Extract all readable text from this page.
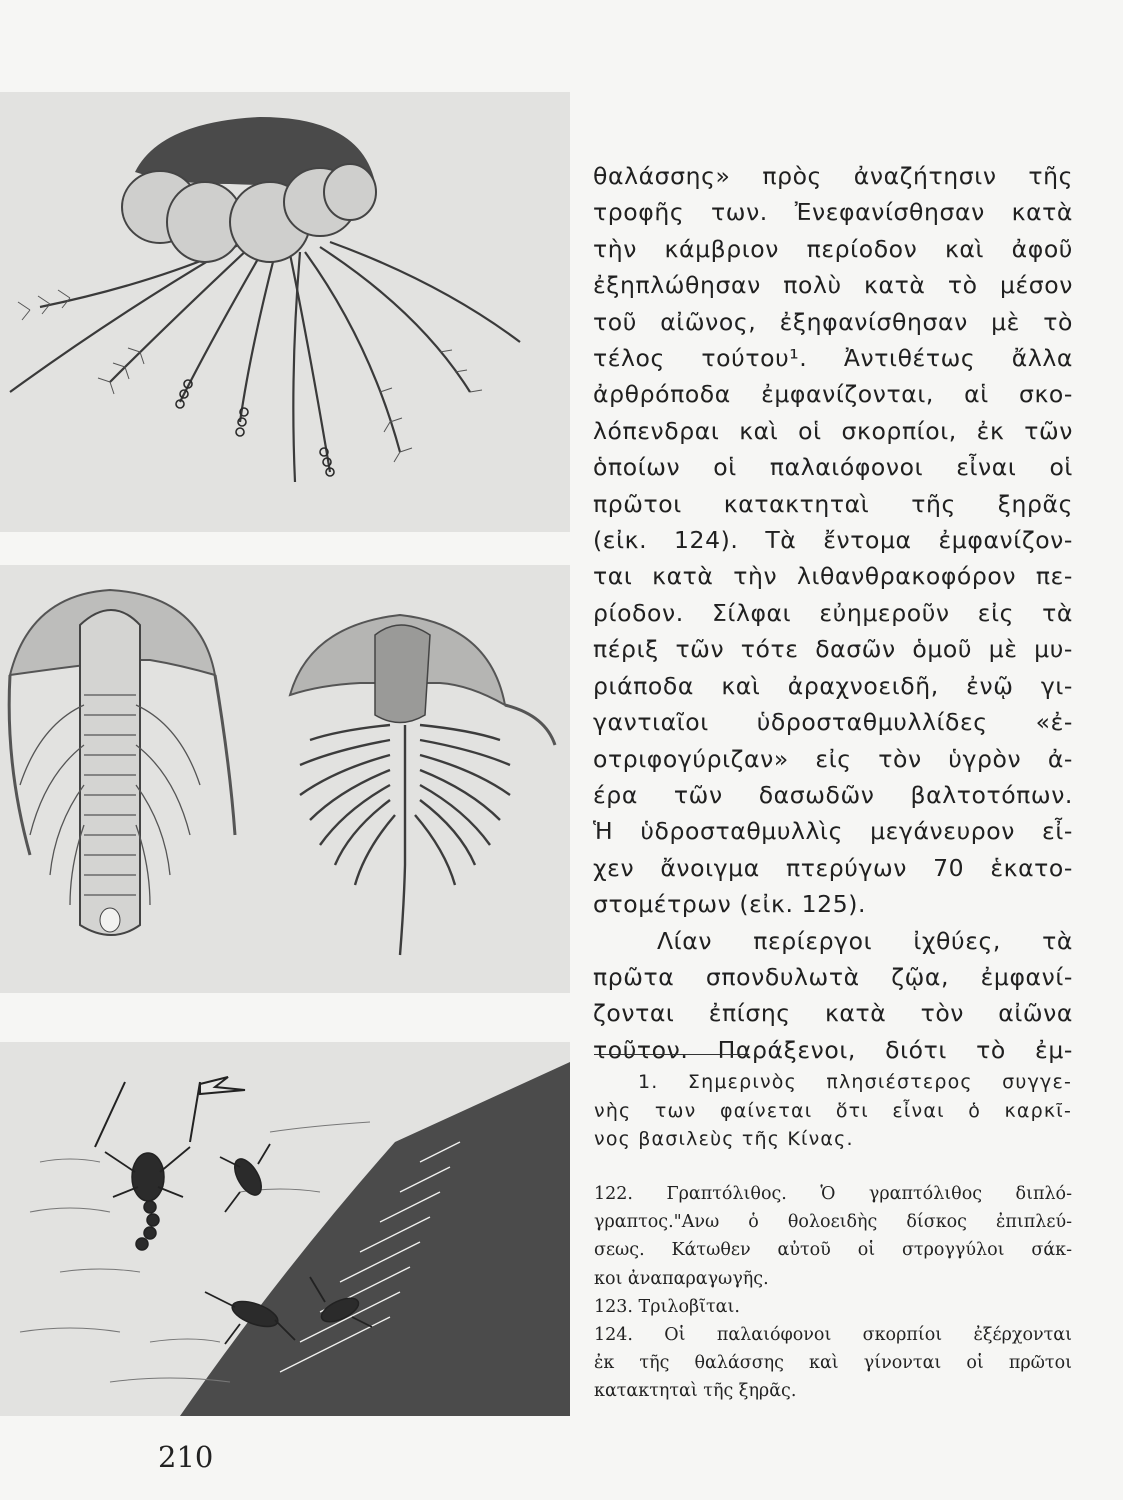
θαλάσσης» πρὸς ἀναζήτησιν τῆς
τροφῆς των. Ἐνεφανίσθησαν κατὰ
τὴν κάμβριον περίοδον καὶ ἀφοῦ
ἐξηπλώθησαν πολὺ κατὰ τὸ μέσον
τοῦ αἰῶνος, ἐξηφανίσθησαν μὲ τὸ
τέλος τούτου¹. Ἀντιθέτως ἄλλα
ἀρθρόποδα ἐμφανίζονται, αἱ σκο-
λόπενδραι καὶ οἱ σκορπίοι, ἐκ τῶν
ὁποίων οἱ παλαιόφονοι εἶναι οἱ
πρῶτοι κατακτηταὶ τῆς ξηρᾶς
(εἰκ. 124). Τὰ ἔντομα ἐμφανίζον-
ται κατὰ τὴν λιθανθρακοφόρον πε-
ρίοδον. Σίλφαι εὐημεροῦν εἰς τὰ
πέριξ τῶν τότε δασῶν ὁμοῦ μὲ μυ-
ριάποδα καὶ ἀραχνοειδῆ, ἐνῷ γι-
γαντιαῖοι ὑδροσταθμυλλίδες «ἐ-
οτριφογύριζαν» εἰς τὸν ὑγρὸν ἀ-
έρα τῶν δασωδῶν βαλτοτόπων.
Ἡ ὑδροσταθμυλλὶς μεγάνευρον εἶ-
χεν ἄνοιγμα πτερύγων 70 ἑκατο-
στομέτρων (εἰκ. 125).
Λίαν περίεργοι ἰχθύες, τὰ
πρῶτα σπονδυλωτὰ ζῷα, ἐμφανί-
ζονται ἐπίσης κατὰ τὸν αἰῶνα
τοῦτον. Παράξενοι, διότι τὸ ἐμ-
1. Σημερινὸς πλησιέστερος συγγε-
νὴς των φαίνεται ὅτι εἶναι ὁ καρκῖ-
νος βασιλεὺς τῆς Κίνας.
122. Γραπτόλιθος. Ὁ γραπτόλιθος διπλό-
γραπτος."Ανω ὁ θολοειδὴς δίσκος ἐπιπλεύ-
σεως. Κάτωθεν αὐτοῦ οἱ στρογγύλοι σάκ-
κοι ἀναπαραγωγῆς.
123. Τριλοβῖται.
124. Οἱ παλαιόφονοι σκορπίοι ἐξέρχονται
ἐκ τῆς θαλάσσης καὶ γίνονται οἱ πρῶτοι
κατακτηταὶ τῆς ξηρᾶς.
210
